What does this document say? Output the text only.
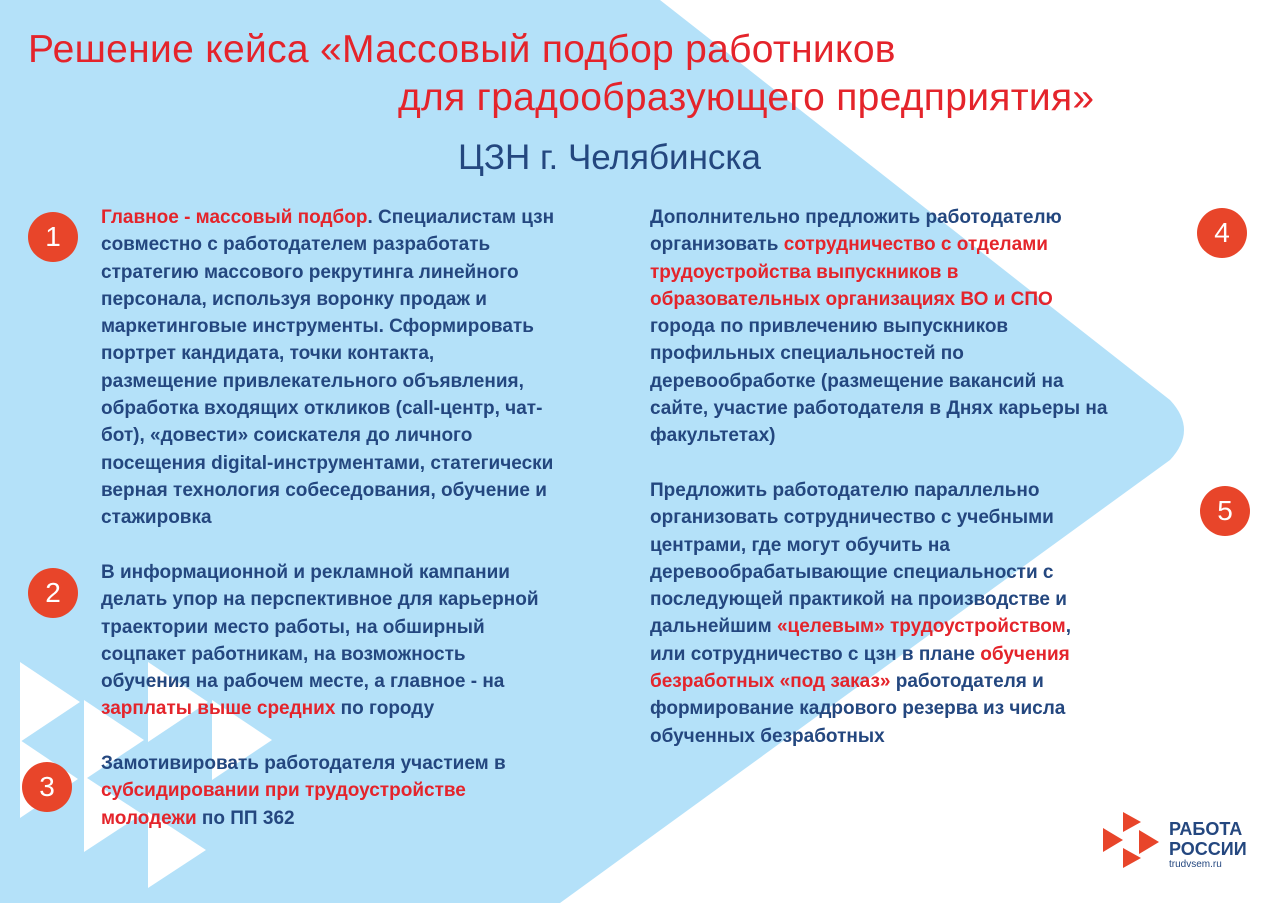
Решение кейса «Массовый подбор работников
для градообразующего предприятия»
ЦЗН г. Челябинска
1
2
3
4
5
Главное - массовый подбор. Специалистам цзн
совместно с работодателем разработать
стратегию массового рекрутинга линейного
персонала, используя воронку продаж и
маркетинговые инструменты. Сформировать
портрет кандидата, точки контакта,
размещение привлекательного объявления,
обработка входящих откликов (call-центр, чат-
бот), «довести» соискателя до личного
посещения digital-инструментами, статегически
верная технология собеседования, обучение и
стажировка
В информационной и рекламной кампании
делать упор на перспективное для карьерной
траектории место работы, на обширный
соцпакет работникам, на возможность
обучения на рабочем месте, а главное - на
зарплаты выше средних по городу
Замотивировать работодателя участием в
субсидировании при трудоустройстве
молодежи по ПП 362
Дополнительно предложить работодателю
организовать сотрудничество с отделами
трудоустройства выпускников в
образовательных организациях ВО и СПО
города по привлечению выпускников
профильных специальностей по
деревообработке (размещение вакансий на
сайте, участие работодателя в Днях карьеры на
факультетах)
Предложить работодателю параллельно
организовать сотрудничество с учебными
центрами, где могут обучить на
деревообрабатывающие специальности с
последующей практикой на производстве и
дальнейшим «целевым» трудоустройством,
или сотрудничество с цзн в плане обучения
безработных «под заказ» работодателя и
формирование кадрового резерва из числа
обученных безработных
РАБОТА
РОССИИ
trudvsem.ru
